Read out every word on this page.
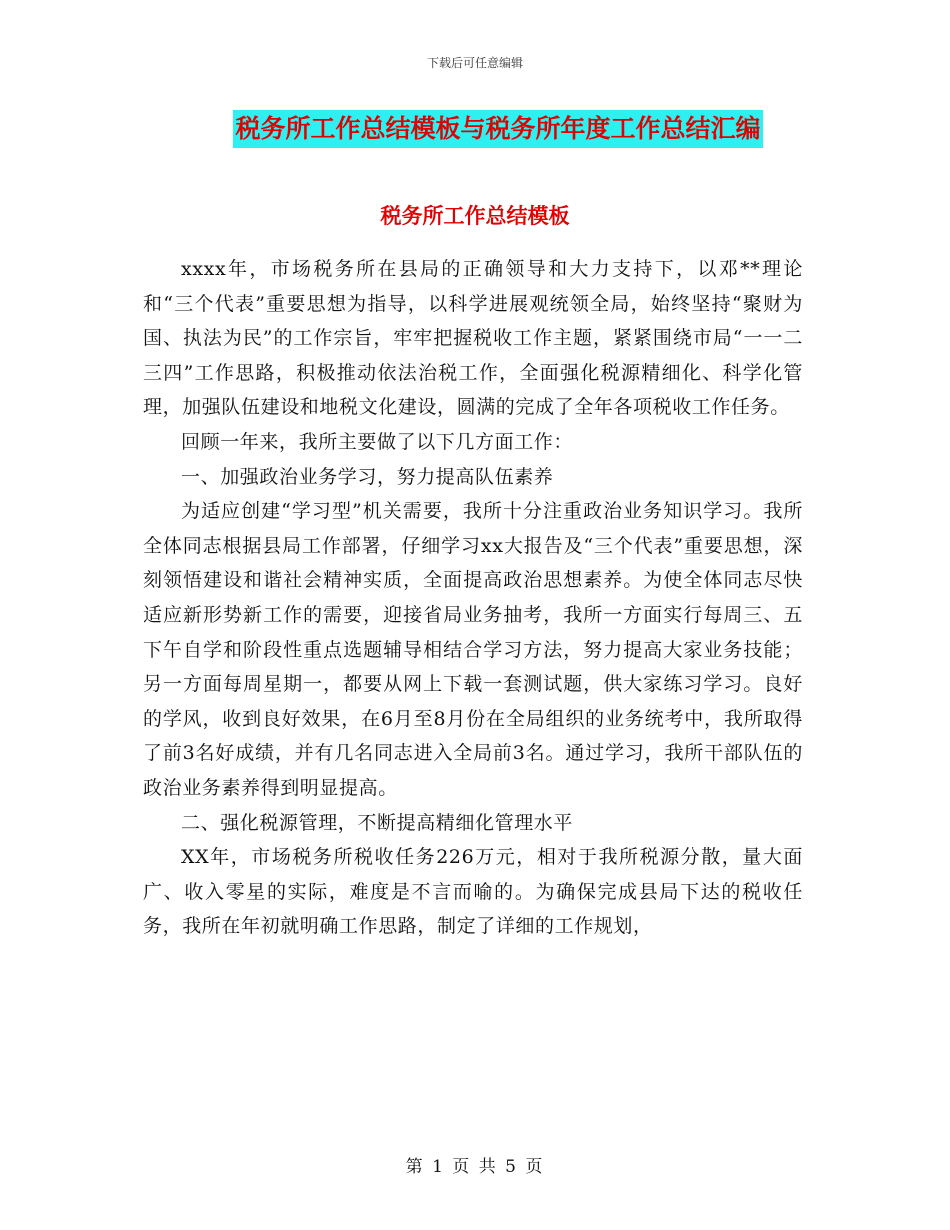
下载后可任意编辑
税务所工作总结模板与税务所年度工作总结汇编
税务所工作总结模板

xxxx年，市场税务所在县局的正确领导和大力支持下，以邓**理论和“三个代表”重要思想为指导，以科学进展观统领全局，始终坚持“聚财为国、执法为民”的工作宗旨，牢牢把握税收工作主题，紧紧围绕市局“一一二三四”工作思路，积极推动依法治税工作，全面强化税源精细化、科学化管理，加强队伍建设和地税文化建设，圆满的完成了全年各项税收工作任务。

回顾一年来，我所主要做了以下几方面工作：

一、加强政治业务学习，努力提高队伍素养

为适应创建“学习型”机关需要，我所十分注重政治业务知识学习。我所全体同志根据县局工作部署，仔细学习xx大报告及“三个代表”重要思想，深刻领悟建设和谐社会精神实质，全面提高政治思想素养。为使全体同志尽快适应新形势新工作的需要，迎接省局业务抽考，我所一方面实行每周三、五下午自学和阶段性重点选题辅导相结合学习方法，努力提高大家业务技能；另一方面每周星期一，都要从网上下载一套测试题，供大家练习学习。良好的学风，收到良好效果，在6月至8月份在全局组织的业务统考中，我所取得了前3名好成绩，并有几名同志进入全局前3名。通过学习，我所干部队伍的政治业务素养得到明显提高。

二、强化税源管理，不断提高精细化管理水平

XX年，市场税务所税收任务226万元，相对于我所税源分散，量大面广、收入零星的实际，难度是不言而喻的。为确保完成县局下达的税收任务，我所在年初就明确工作思路，制定了详细的工作规划，

第 1 页 共 5 页
